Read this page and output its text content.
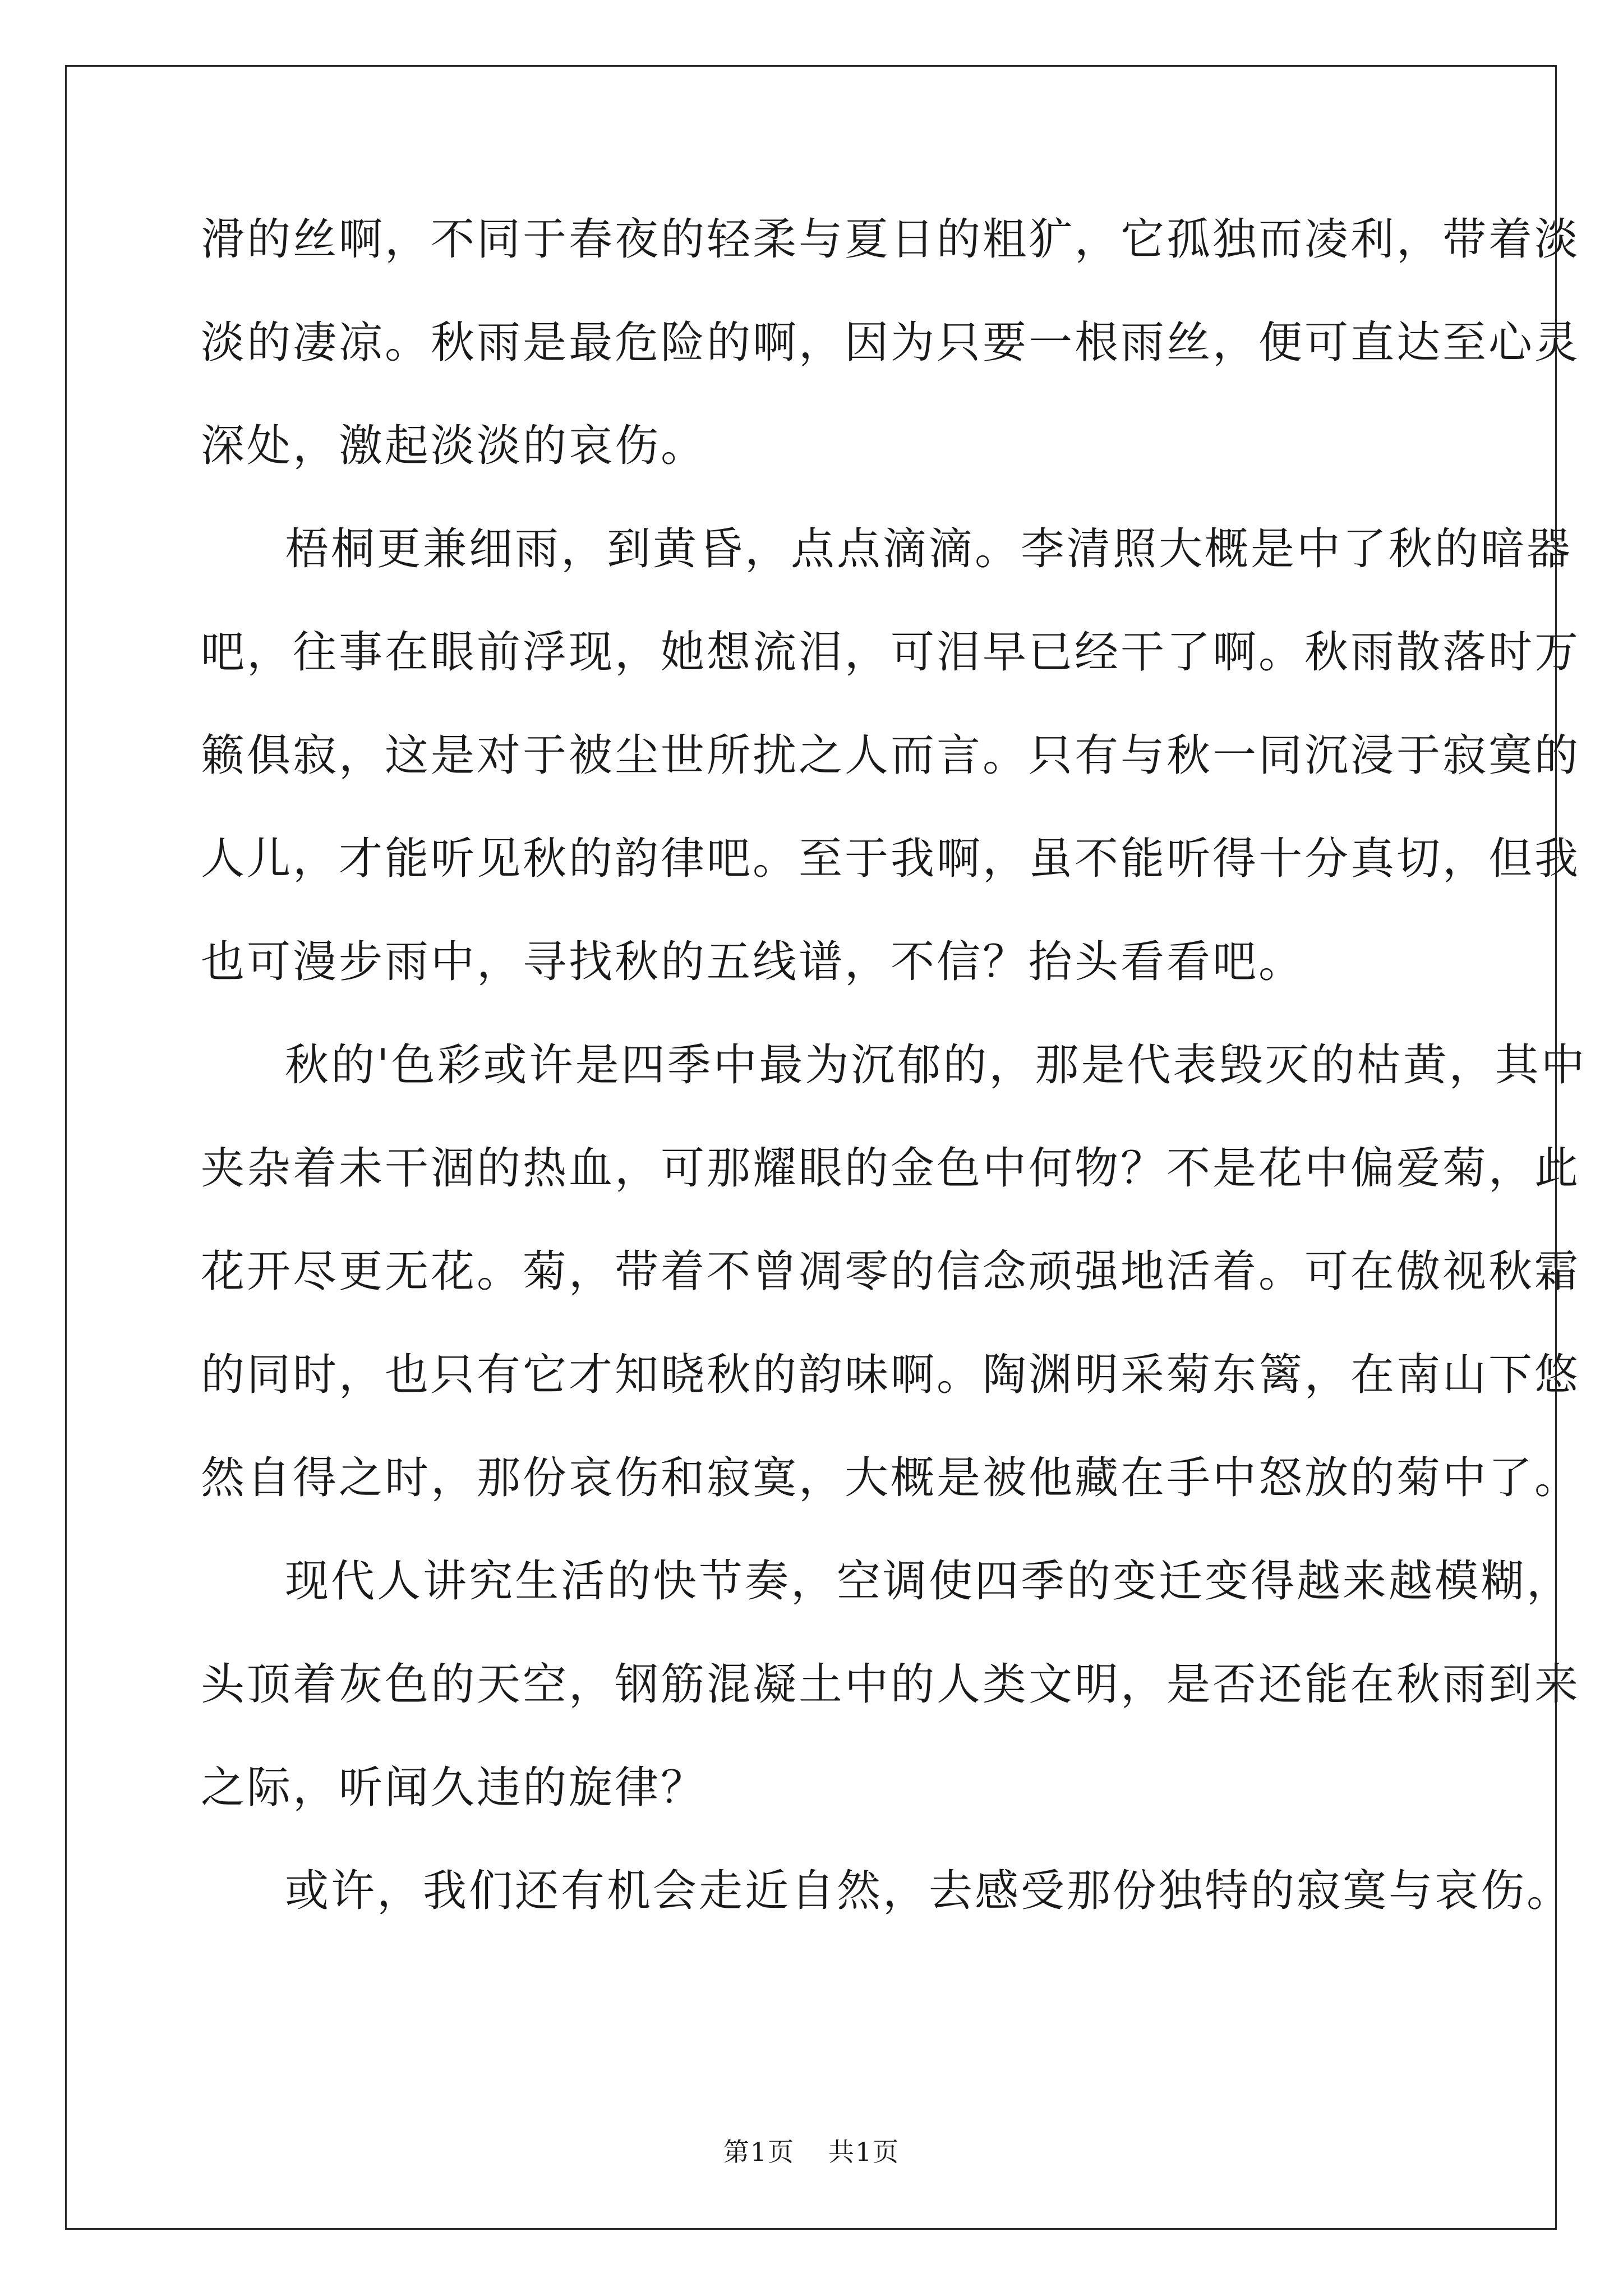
滑的丝啊，不同于春夜的轻柔与夏日的粗犷，它孤独而凌利，带着淡

淡的凄凉。秋雨是最危险的啊，因为只要一根雨丝，便可直达至心灵

深处，激起淡淡的哀伤。

梧桐更兼细雨，到黄昏，点点滴滴。李清照大概是中了秋的暗器

吧，往事在眼前浮现，她想流泪，可泪早已经干了啊。秋雨散落时万

籁俱寂，这是对于被尘世所扰之人而言。只有与秋一同沉浸于寂寞的

人儿，才能听见秋的韵律吧。至于我啊，虽不能听得十分真切，但我

也可漫步雨中，寻找秋的五线谱，不信？抬头看看吧。

秋的'色彩或许是四季中最为沉郁的，那是代表毁灭的枯黄，其中

夹杂着未干涸的热血，可那耀眼的金色中何物？不是花中偏爱菊，此

花开尽更无花。菊，带着不曾凋零的信念顽强地活着。可在傲视秋霜

的同时，也只有它才知晓秋的韵味啊。陶渊明采菊东篱，在南山下悠

然自得之时，那份哀伤和寂寞，大概是被他藏在手中怒放的菊中了。

现代人讲究生活的快节奏，空调使四季的变迁变得越来越模糊，

头顶着灰色的天空，钢筋混凝土中的人类文明，是否还能在秋雨到来

之际，听闻久违的旋律？

或许，我们还有机会走近自然，去感受那份独特的寂寞与哀伤。

第1页 共1页
